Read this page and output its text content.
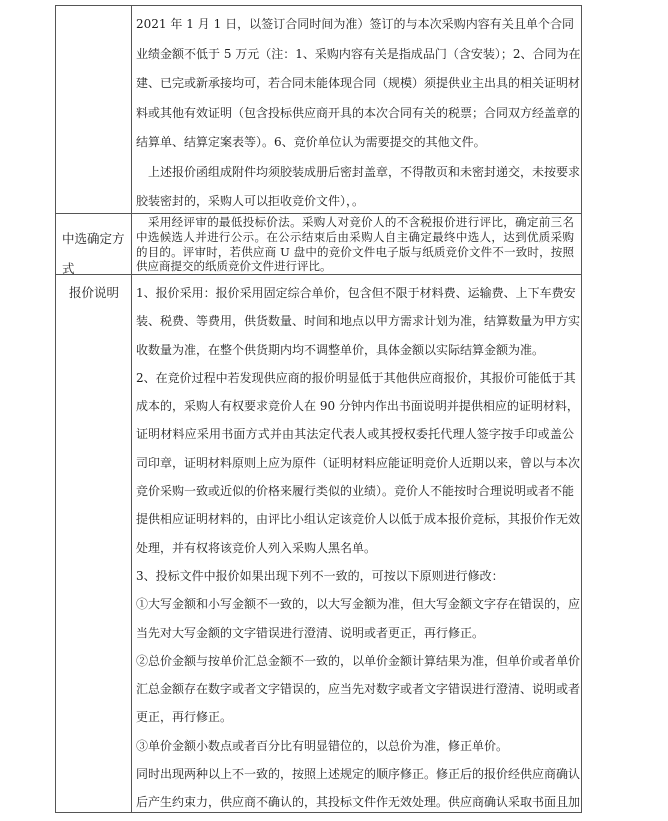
2021 年 1 月 1 日，以签订合同时间为准）签订的与本次采购内容有关且单个合同
业绩金额不低于 5 万元（注：1、采购内容有关是指成品门（含安装）；2、合同为在
建、已完或新承接均可，若合同未能体现合同（规模）须提供业主出具的相关证明材
料或其他有效证明（包含投标供应商开具的本次合同有关的税票；合同双方经盖章的
结算单、结算定案表等）。6、竞价单位认为需要提交的其他文件。
上述报价函组成附件均须胶装成册后密封盖章，不得散页和未密封递交，未按要求
胶装密封的，采购人可以拒收竞价文件），。
中选确定方式
采用经评审的最低投标价法。采购人对竞价人的不含税报价进行评比，确定前三名
中选候选人并进行公示。在公示结束后由采购人自主确定最终中选人，达到优质采购
的目的。评审时，若供应商 U 盘中的竞价文件电子版与纸质竞价文件不一致时，按照
供应商提交的纸质竞价文件进行评比。
报价说明	1、报价采用：报价采用固定综合单价，包含但不限于材料费、运输费、上下车费安
装、税费、等费用，供货数量、时间和地点以甲方需求计划为准，结算数量为甲方实
收数量为准，在整个供货期内均不调整单价，具体金额以实际结算金额为准。
2、在竞价过程中若发现供应商的报价明显低于其他供应商报价，其报价可能低于其
成本的，采购人有权要求竞价人在 90 分钟内作出书面说明并提供相应的证明材料，
证明材料应采用书面方式并由其法定代表人或其授权委托代理人签字按手印或盖公
司印章，证明材料原则上应为原件（证明材料应能证明竞价人近期以来，曾以与本次
竞价采购一致或近似的价格来履行类似的业绩）。竞价人不能按时合理说明或者不能
提供相应证明材料的，由评比小组认定该竞价人以低于成本报价竞标，其报价作无效
处理，并有权将该竞价人列入采购人黑名单。
3、投标文件中报价如果出现下列不一致的，可按以下原则进行修改：
①大写金额和小写金额不一致的，以大写金额为准，但大写金额文字存在错误的，应
当先对大写金额的文字错误进行澄清、说明或者更正，再行修正。
②总价金额与按单价汇总金额不一致的，以单价金额计算结果为准，但单价或者单价
汇总金额存在数字或者文字错误的，应当先对数字或者文字错误进行澄清、说明或者
更正，再行修正。
③单价金额小数点或者百分比有明显错位的，以总价为准，修正单价。
同时出现两种以上不一致的，按照上述规定的顺序修正。修正后的报价经供应商确认
后产生约束力，供应商不确认的，其投标文件作无效处理。供应商确认采取书面且加
